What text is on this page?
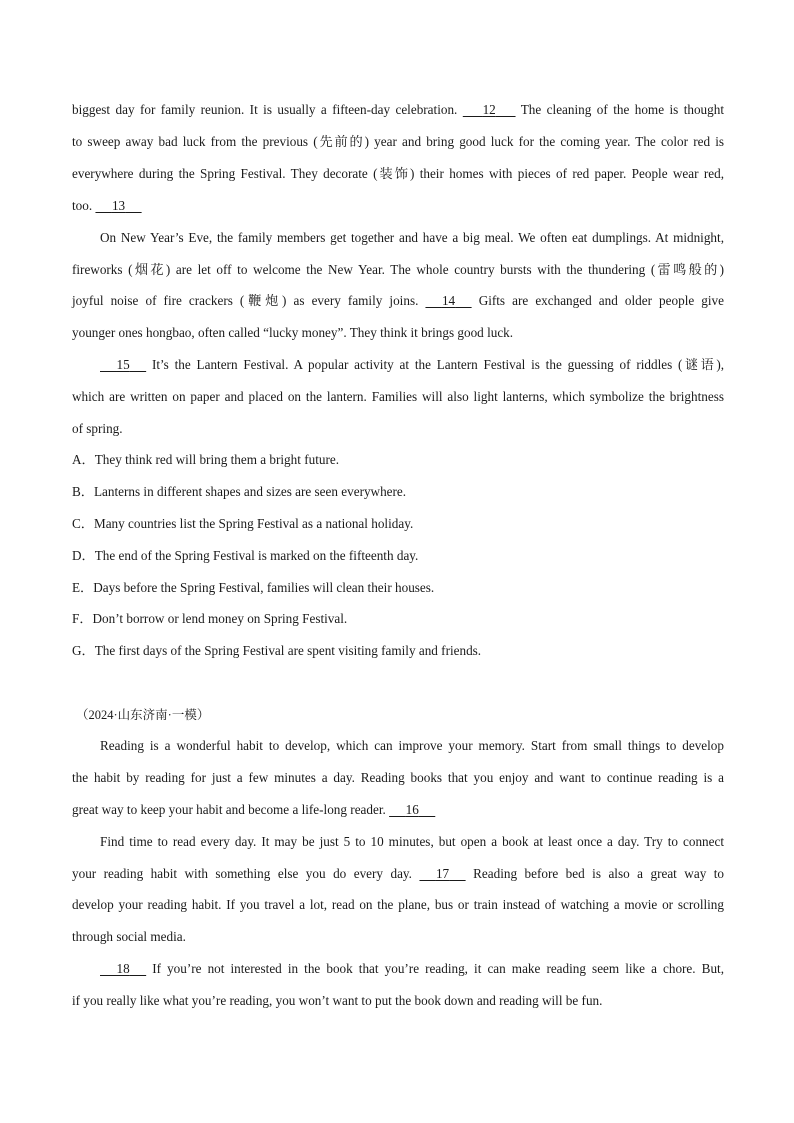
biggest day for family reunion. It is usually a fifteen-day celebration. 12 The cleaning of the home is thought
to sweep away bad luck from the previous (先前的) year and bring good luck for the coming year. The color red is
everywhere during the Spring Festival. They decorate (装饰) their homes with pieces of red paper. People wear red,
too. 13
On New Year’s Eve, the family members get together and have a big meal. We often eat dumplings. At midnight,
fireworks (烟花) are let off to welcome the New Year. The whole country bursts with the thundering (雷鸣般的)
joyful noise of fire crackers (鞭炮) as every family joins. 14 Gifts are exchanged and older people give
younger ones hongbao, often called “lucky money”. They think it brings good luck.
15 It’s the Lantern Festival. A popular activity at the Lantern Festival is the guessing of riddles (谜语),
which are written on paper and placed on the lantern. Families will also light lanterns, which symbolize the brightness
of spring.
A．They think red will bring them a bright future.
B．Lanterns in different shapes and sizes are seen everywhere.
C．Many countries list the Spring Festival as a national holiday.
D．The end of the Spring Festival is marked on the fifteenth day.
E．Days before the Spring Festival, families will clean their houses.
F．Don’t borrow or lend money on Spring Festival.
G．The first days of the Spring Festival are spent visiting family and friends.
（2024·山东济南·一模）
Reading is a wonderful habit to develop, which can improve your memory. Start from small things to develop
the habit by reading for just a few minutes a day. Reading books that you enjoy and want to continue reading is a
great way to keep your habit and become a life-long reader. 16
Find time to read every day. It may be just 5 to 10 minutes, but open a book at least once a day. Try to connect
your reading habit with something else you do every day. 17 Reading before bed is also a great way to
develop your reading habit. If you travel a lot, read on the plane, bus or train instead of watching a movie or scrolling
through social media.
18 If you’re not interested in the book that you’re reading, it can make reading seem like a chore. But,
if you really like what you’re reading, you won’t want to put the book down and reading will be fun.
